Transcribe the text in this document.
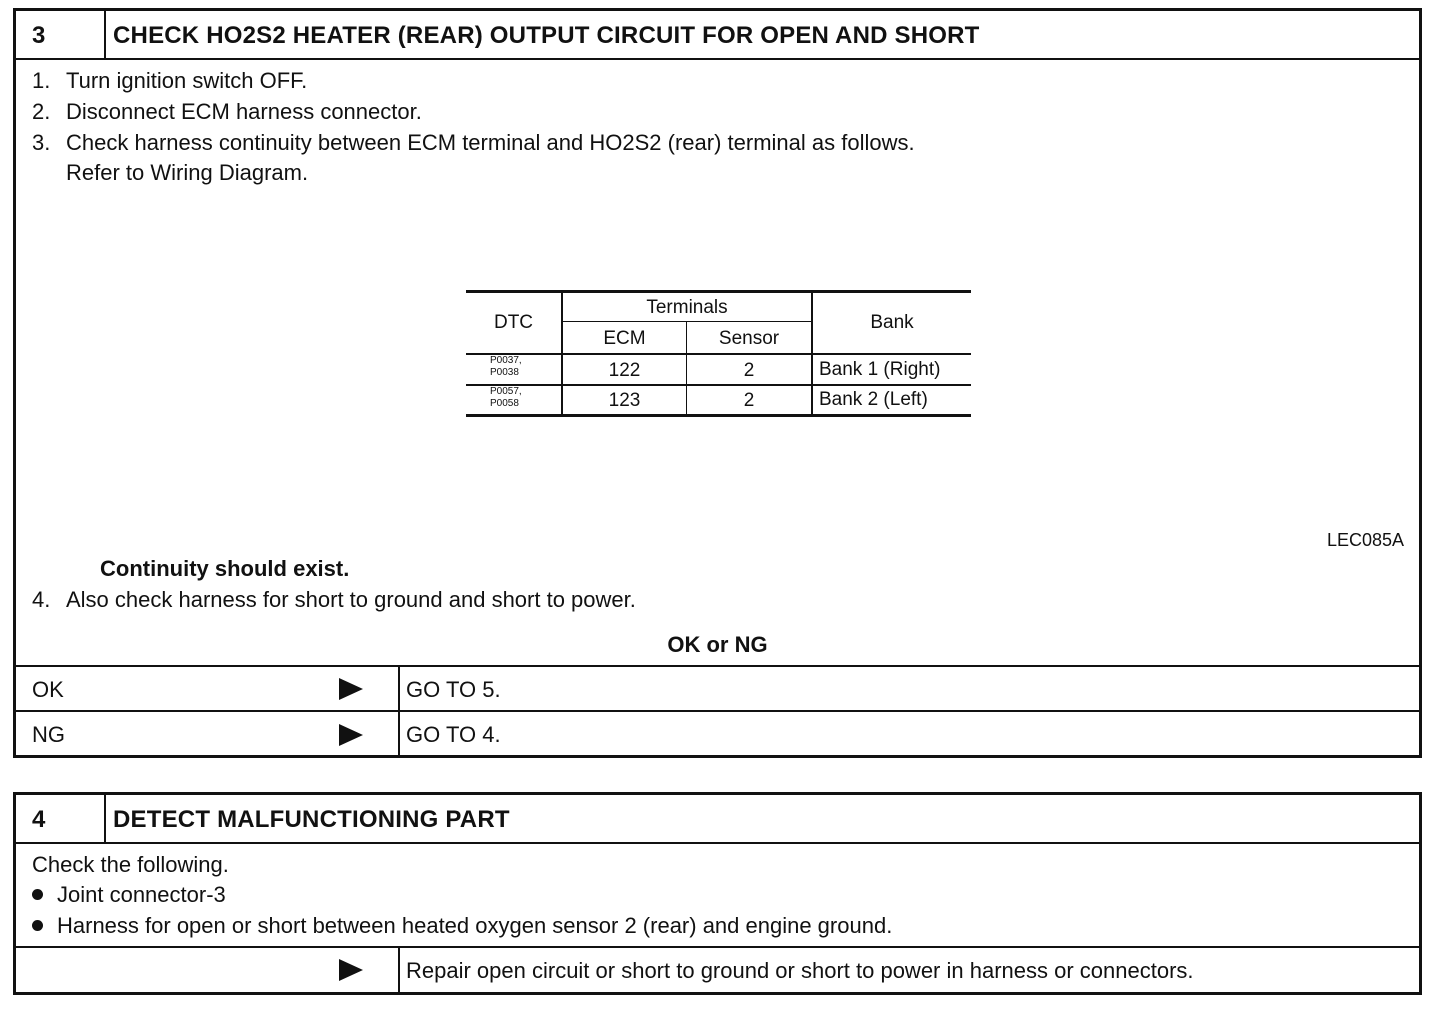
3	CHECK HO2S2 HEATER (REAR) OUTPUT CIRCUIT FOR OPEN AND SHORT
1. Turn ignition switch OFF.
2. Disconnect ECM harness connector.
3. Check harness continuity between ECM terminal and HO2S2 (rear) terminal as follows.
Refer to Wiring Diagram.
DTC
Terminals
ECM	Sensor
Bank
P0037,
P0038	122	2	Bank 1 (Right)
P0057,
P0058	123	2	Bank 2 (Left)
LEC085A
Continuity should exist.
4. Also check harness for short to ground and short to power.
OK or NG
OK	GO TO 5.
NG	GO TO 4.
4	DETECT MALFUNCTIONING PART
Check the following.
Joint connector-3
Harness for open or short between heated oxygen sensor 2 (rear) and engine ground.
Repair open circuit or short to ground or short to power in harness or connectors.
